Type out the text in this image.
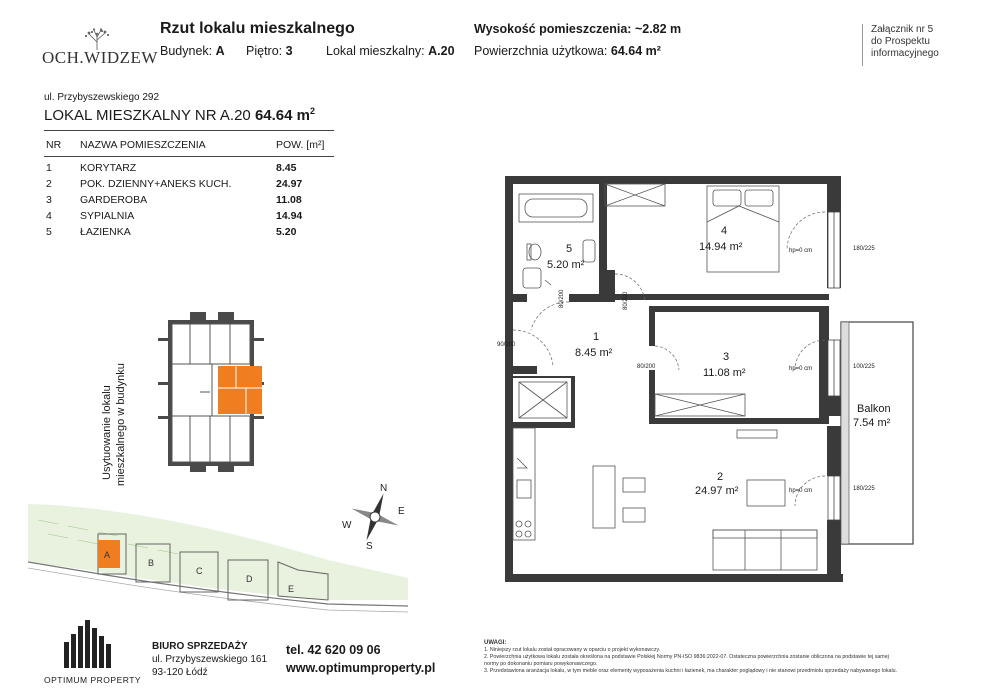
OCH.WIDZEW
Rzut lokalu mieszkalnego
Budynek: A Piętro: 3	Lokal mieszkalny: A.20
Wysokość pomieszczenia: ~2.82 m
Powierzchnia użytkowa: 64.64 m²
Załącznik nr 5
do Prospektu
informacyjnego
ul. Przybyszewskiego 292
LOKAL MIESZKALNY NR A.20 64.64 $m^2$
NR NAZWA POMIESZCZENIA	POW. [m²]
1	KORYTARZ	8.45
2	POK. DZIENNY+ANEKS KUCH.	24.97
3	GARDEROBA	11.08
4	SYPIALNIA	14.94
5	ŁAZIENKA	5.20
5
5.20 m²
1
8.45 m²
4
14.94 m²
3
11.08 m²
2
24.97 m²
Balkon
7.54 m²
80/200	80/200
90/200
80/200
180/225
100/225
180/225
hp=0 cm
hp=0 cm
hp=0 cm
Usytuowanie lokalu mieszkalnego w budynku
A
B
C
D
E
N
E
S
W
OPTIMUM PROPERTY
BIURO SPRZEDAŻY
ul. Przybyszewskiego 161
93-120 Łódź
tel. 42 620 09 06
www.optimumproperty.pl
UWAGI:
1. Niniejszy rzut lokalu został opracowany w oparciu o projekt wykonawczy.
2. Powierzchnia użytkowa lokalu została określona na podstawie Polskiej Normy PN-ISO 9836:2022-07. Ostateczna powierzchnia zostanie obliczona na podstawie tej samej
normy po dokonaniu pomiaru powykonawczego.
3. Przedstawiona aranżacja lokalu, w tym meble oraz elementy wyposażenia kuchni i łazienek, ma charakter poglądowy i nie stanowi przedmiotu sprzedaży nabywanego lokalu.
